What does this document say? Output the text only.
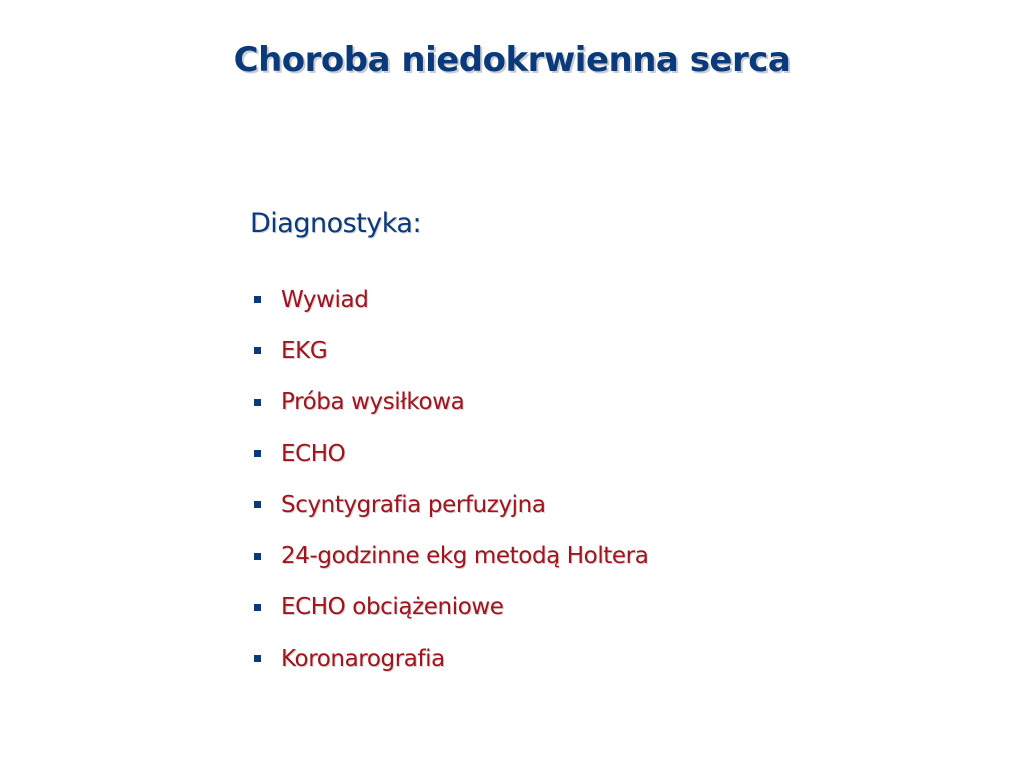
Choroba niedokrwienna serca
Diagnostyka:
Wywiad
EKG
Próba wysiłkowa
ECHO
Scyntygrafia perfuzyjna
24-godzinne ekg metodą Holtera
ECHO obciążeniowe
Koronarografia
